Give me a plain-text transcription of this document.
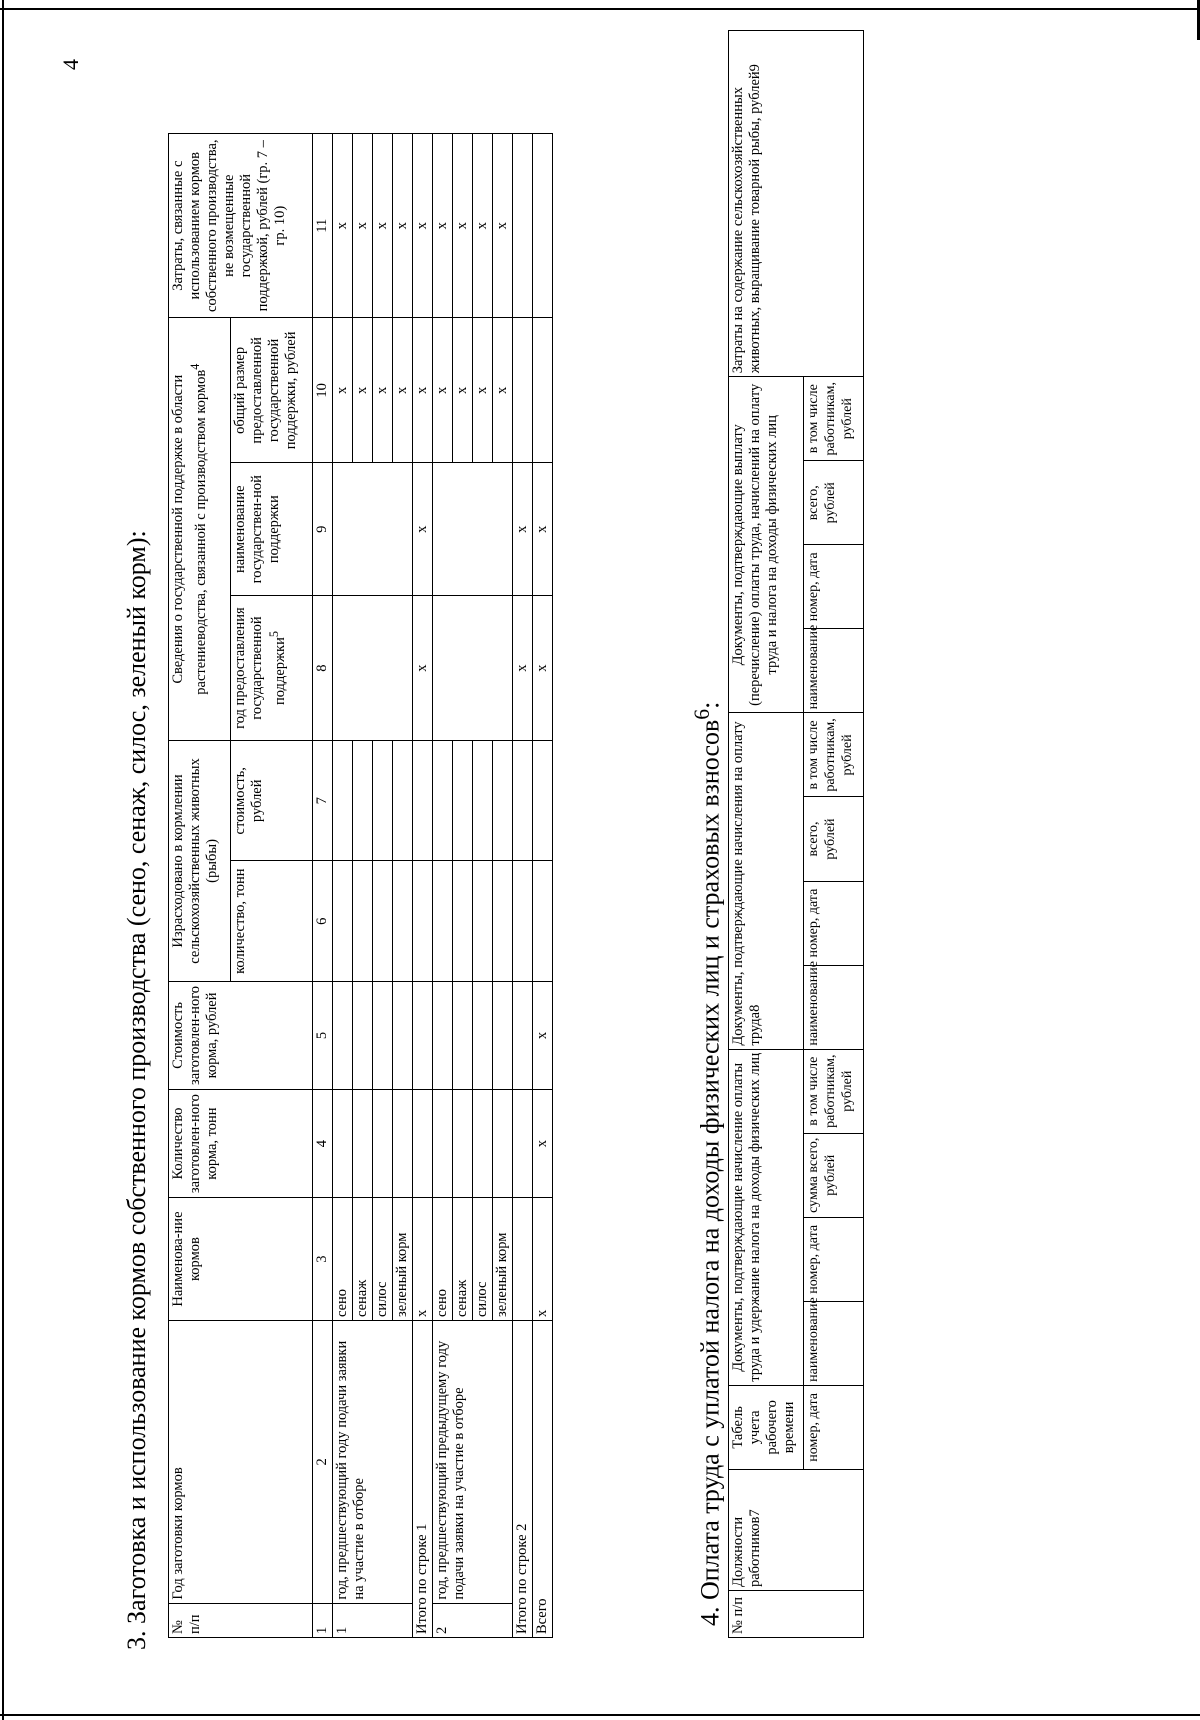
4
3. Заготовка и использование кормов собственного производства (сено, сенаж, силос, зеленый корм): № п/п	Год заготовки кормов	Наименова-ние кормов	Количество заготовлен-ного корма, тонн	Стоимость заготовлен-ного корма, рублей	Израсходовано в кормлении сельскохозяйственных животных (рыбы)		Сведения о государственной поддержке в области растениеводства, связанной с производством кормов$^4$			Затраты, связанные с использованием кормов собственного производства, не возмещенные государственной поддержкой, рублей (гр. 7 – гр. 10)
					количество, тонн	стоимость, рублей	год предоставления государственной поддержки$^5$	наименование государствен-ной поддержки	общий размер предоставленной государственной поддержки, рублей	
1	2	3	4	5	6	7	8	9	10	11
1	год, предшествующий году подачи заявки на участие в отборе	сено							x	x
		сенаж							x	x
		силос							x	x
		зеленый корм							x	x
Итого по строке 1		x					x	x	x	x
2	год, предшествующий предыдущему году подачи заявки на участие в отборе	сено							x	x
		сенаж							x	x
		силос							x	x
		зеленый корм							x	x
Итого по строке 2							x	x		
Всего		x	x	x			x	x		
4. Оплата труда с уплатой налога на доходы физических лиц и страховых взносов$^6$:
№ п/п	Должности работников7	Табель учета рабочего времени	Документы, подтверждающие начисление оплаты труда и удержание налога на доходы физических лиц				Документы, подтверждающие начисления на оплату труда8				Документы, подтверждающие выплату (перечисление) оплаты труда, начислений на оплату труда и налога на доходы физических лиц				Затраты на содержание сельскохозяйственных животных, выращивание товарной рыбы, рублей9
		номер, дата	наименование	номер, дата	сумма всего, рублей	в том числе работникам, рублей	наименование	номер, дата	всего, рублей	в том числе работникам, рублей	наименование	номер, дата	всего, рублей	в том числе работникам, рублей	
